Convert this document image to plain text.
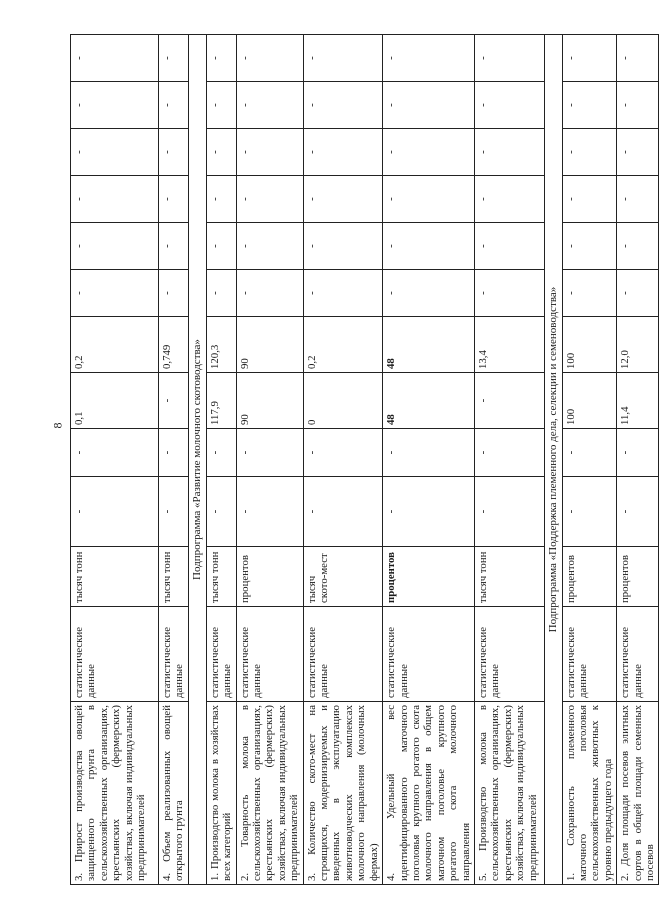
8
3. Прирост производства овощей защищенного грунта в сельскохозяйственных организациях, крестьянских (фермерских) хозяйствах, включая индивидуальных предпринимателей	статистические данные	тысяч тонн	-	-	0,1	0,2	-	-	-	-	-	-
4. Объем реализованных овощей открытого грунта	статистические данные	тысяч тонн	-	-	-	0,749	-	-	-	-	-	-
Подпрограмма «Развитие молочного скотоводства»												
1. Производство молока в хозяйствах всех категорий	статистические данные	тысяч тонн	-	-	117,9	120,3	-	-	-	-	-	-
2. Товарность молока в сельскохозяйственных организациях, крестьянских (фермерских) хозяйствах, включая индивидуальных предпринимателей	статистические данные	процентов	-	-	90	90	-	-	-	-	-	-
3. Количество ското-мест на строящихся, модернизируемых и введенных в эксплуатацию животноводческих комплексах молочного направления (молочных фермах)	статистические данные	тысяч ското-мест	-	-	0	0,2	-	-	-	-	-	-
4. Удельный вес идентифицированного маточного поголовья крупного рогатого скота молочного направления в общем маточном поголовье крупного рогатого скота молочного направления	статистические данные	процентов	-	-	48	48	-	-	-	-	-	-
5. Производство молока в сельскохозяйственных организациях, крестьянских (фермерских) хозяйствах, включая индивидуальных предпринимателей	статистические данные	тысяч тонн	-	-	-	13,4	-	-	-	-	-	-
Подпрограмма «Поддержка племенного дела, селекции и семеноводства»												
1. Сохранность племенного маточного поголовья сельскохозяйственных животных к уровню предыдущего года	статистические данные	процентов	-	-	100	100	-	-	-	-	-	-
2. Доля площади посевов элитных сортов в общей площади семенных посевов	статистические данные	процентов	-	-	11,4	12,0	-	-	-	-	-	-
